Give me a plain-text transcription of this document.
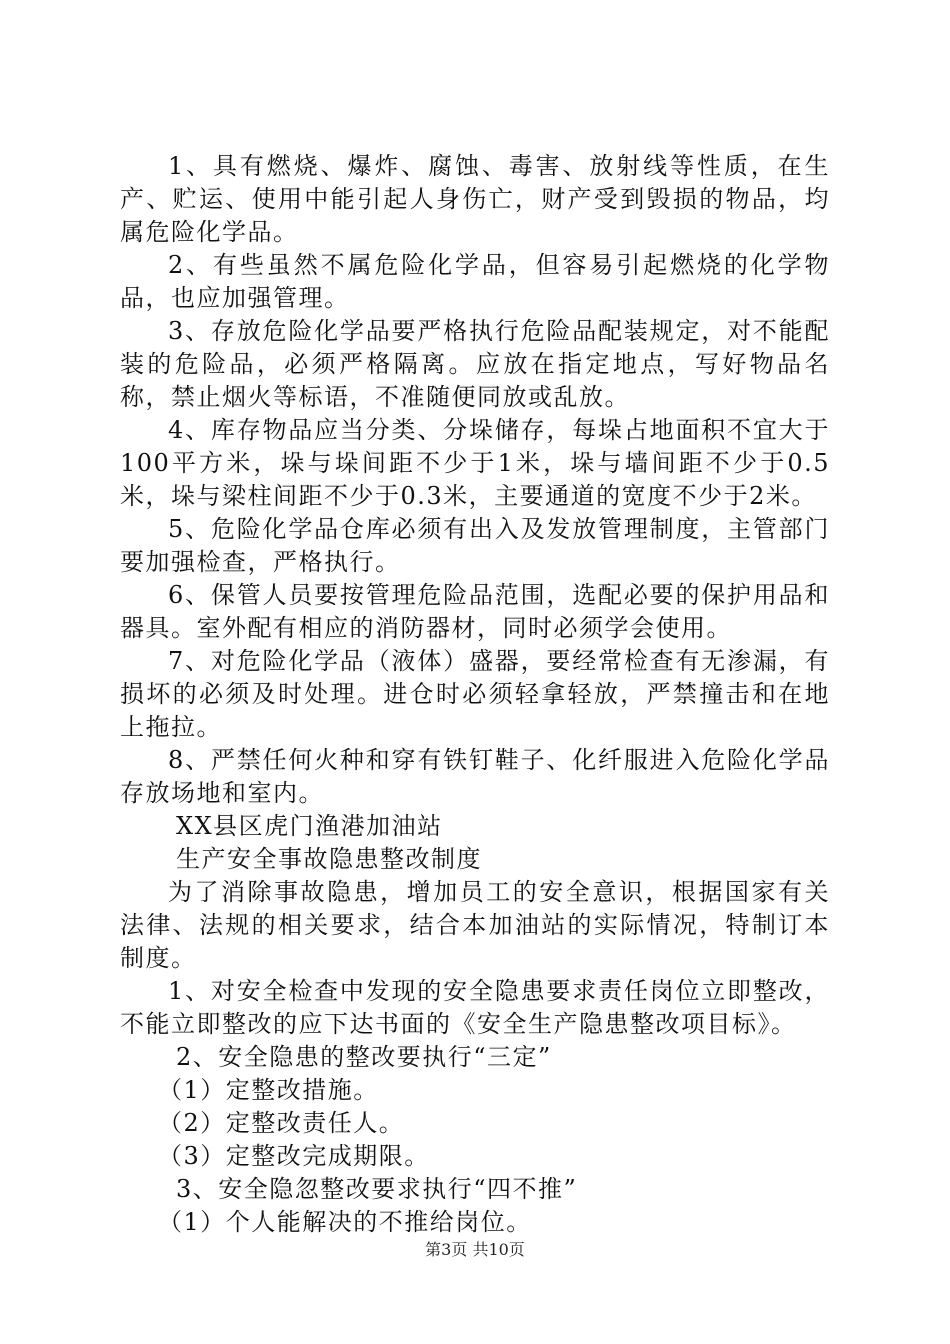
1、具有燃烧、爆炸、腐蚀、毒害、放射线等性质，在生产、贮运、使用中能引起人身伤亡，财产受到毁损的物品，均属危险化学品。

2、有些虽然不属危险化学品，但容易引起燃烧的化学物品，也应加强管理。

3、存放危险化学品要严格执行危险品配装规定，对不能配装的危险品，必须严格隔离。应放在指定地点，写好物品名称，禁止烟火等标语，不准随便同放或乱放。

4、库存物品应当分类、分垛储存，每垛占地面积不宜大于100平方米，垛与垛间距不少于1米，垛与墙间距不少于0.5米，垛与梁柱间距不少于0.3米，主要通道的宽度不少于2米。

5、危险化学品仓库必须有出入及发放管理制度，主管部门要加强检查，严格执行。

6、保管人员要按管理危险品范围，选配必要的保护用品和器具。室外配有相应的消防器材，同时必须学会使用。

7、对危险化学品（液体）盛器，要经常检查有无渗漏，有损坏的必须及时处理。进仓时必须轻拿轻放，严禁撞击和在地上拖拉。

8、严禁任何火种和穿有铁钉鞋子、化纤服进入危险化学品存放场地和室内。

XX县区虎门渔港加油站

生产安全事故隐患整改制度

为了消除事故隐患，增加员工的安全意识，根据国家有关法律、法规的相关要求，结合本加油站的实际情况，特制订本制度。

1、对安全检查中发现的安全隐患要求责任岗位立即整改，不能立即整改的应下达书面的《安全生产隐患整改项目标》。

2、安全隐患的整改要执行“三定”

（1）定整改措施。

（2）定整改责任人。

（3）定整改完成期限。

3、安全隐忽整改要求执行“四不推”

（1）个人能解决的不推给岗位。

第3页 共10页
